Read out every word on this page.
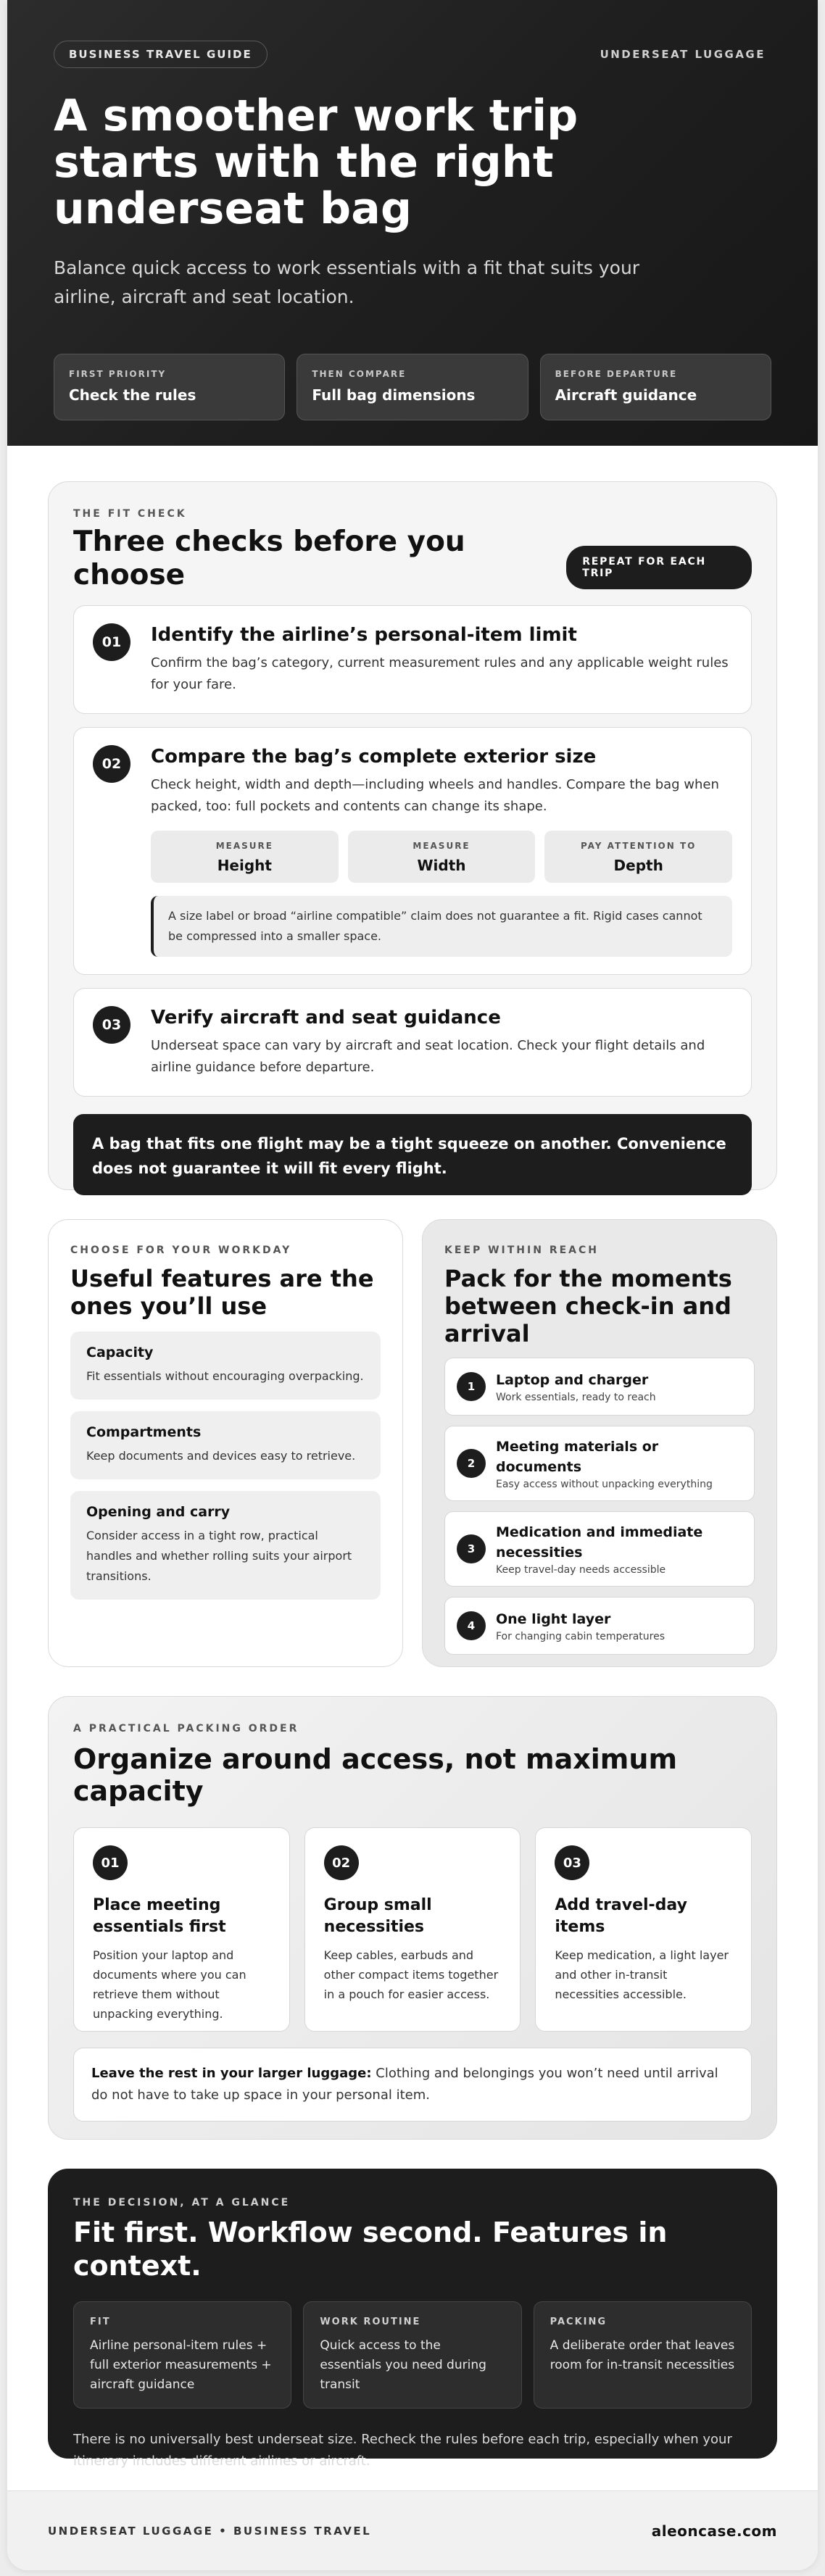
BUSINESS TRAVEL GUIDE	UNDERSEAT LUGGAGE
A smoother work trip starts with the right underseat bag

Balance quick access to work essentials with a fit that suits your airline, aircraft and seat location.

FIRST PRIORITY
Check the rules
THEN COMPARE
Full bag dimensions
BEFORE DEPARTURE
Aircraft guidance
THE FIT CHECK
Three checks before you choose	REPEAT FOR EACH TRIP
01	Identify the airline’s personal-item limit

Confirm the bag’s category, current measurement rules and any applicable weight rules for your fare.

02	Compare the bag’s complete exterior size

Check height, width and depth—including wheels and handles. Compare the bag when packed, too: full pockets and contents can change its shape.

MEASURE
Height
MEASURE
Width
PAY ATTENTION TO
Depth
A size label or broad “airline compatible” claim does not guarantee a fit. Rigid cases cannot be compressed into a smaller space.
03	Verify aircraft and seat guidance

Underseat space can vary by aircraft and seat location. Check your flight details and airline guidance before departure.

A bag that fits one flight may be a tight squeeze on another. Convenience does not guarantee it will fit every flight.
CHOOSE FOR YOUR WORKDAY
Useful features are the ones you’ll use
Capacity

Fit essentials without encouraging overpacking.

Compartments

Keep documents and devices easy to retrieve.

Opening and carry

Consider access in a tight row, practical handles and whether rolling suits your airport transitions.

KEEP WITHIN REACH
Pack for the moments between check-in and arrival
1	Laptop and charger

Work essentials, ready to reach

2
Meeting materials or documents

Easy access without unpacking everything

3
Medication and immediate necessities

Keep travel-day needs accessible

4	One light layer

For changing cabin temperatures

A PRACTICAL PACKING ORDER
Organize around access, not maximum capacity
01
Place meeting essentials first

Position your laptop and documents where you can retrieve them without unpacking everything.

02
Group small necessities

Keep cables, earbuds and other compact items together in a pouch for easier access.

03
Add travel-day items

Keep medication, a light layer and other in-transit necessities accessible.

Leave the rest in your larger luggage: Clothing and belongings you won’t need until arrival do not have to take up space in your personal item.
THE DECISION, AT A GLANCE
Fit first. Workflow second. Features in context.
FIT

Airline personal-item rules + full exterior measurements + aircraft guidance

WORK ROUTINE

Quick access to the essentials you need during transit

PACKING

A deliberate order that leaves room for in-transit necessities

There is no universally best underseat size. Recheck the rules before each trip, especially when your itinerary includes different airlines or aircraft.

UNDERSEAT LUGGAGE • BUSINESS TRAVEL	aleoncase.com
